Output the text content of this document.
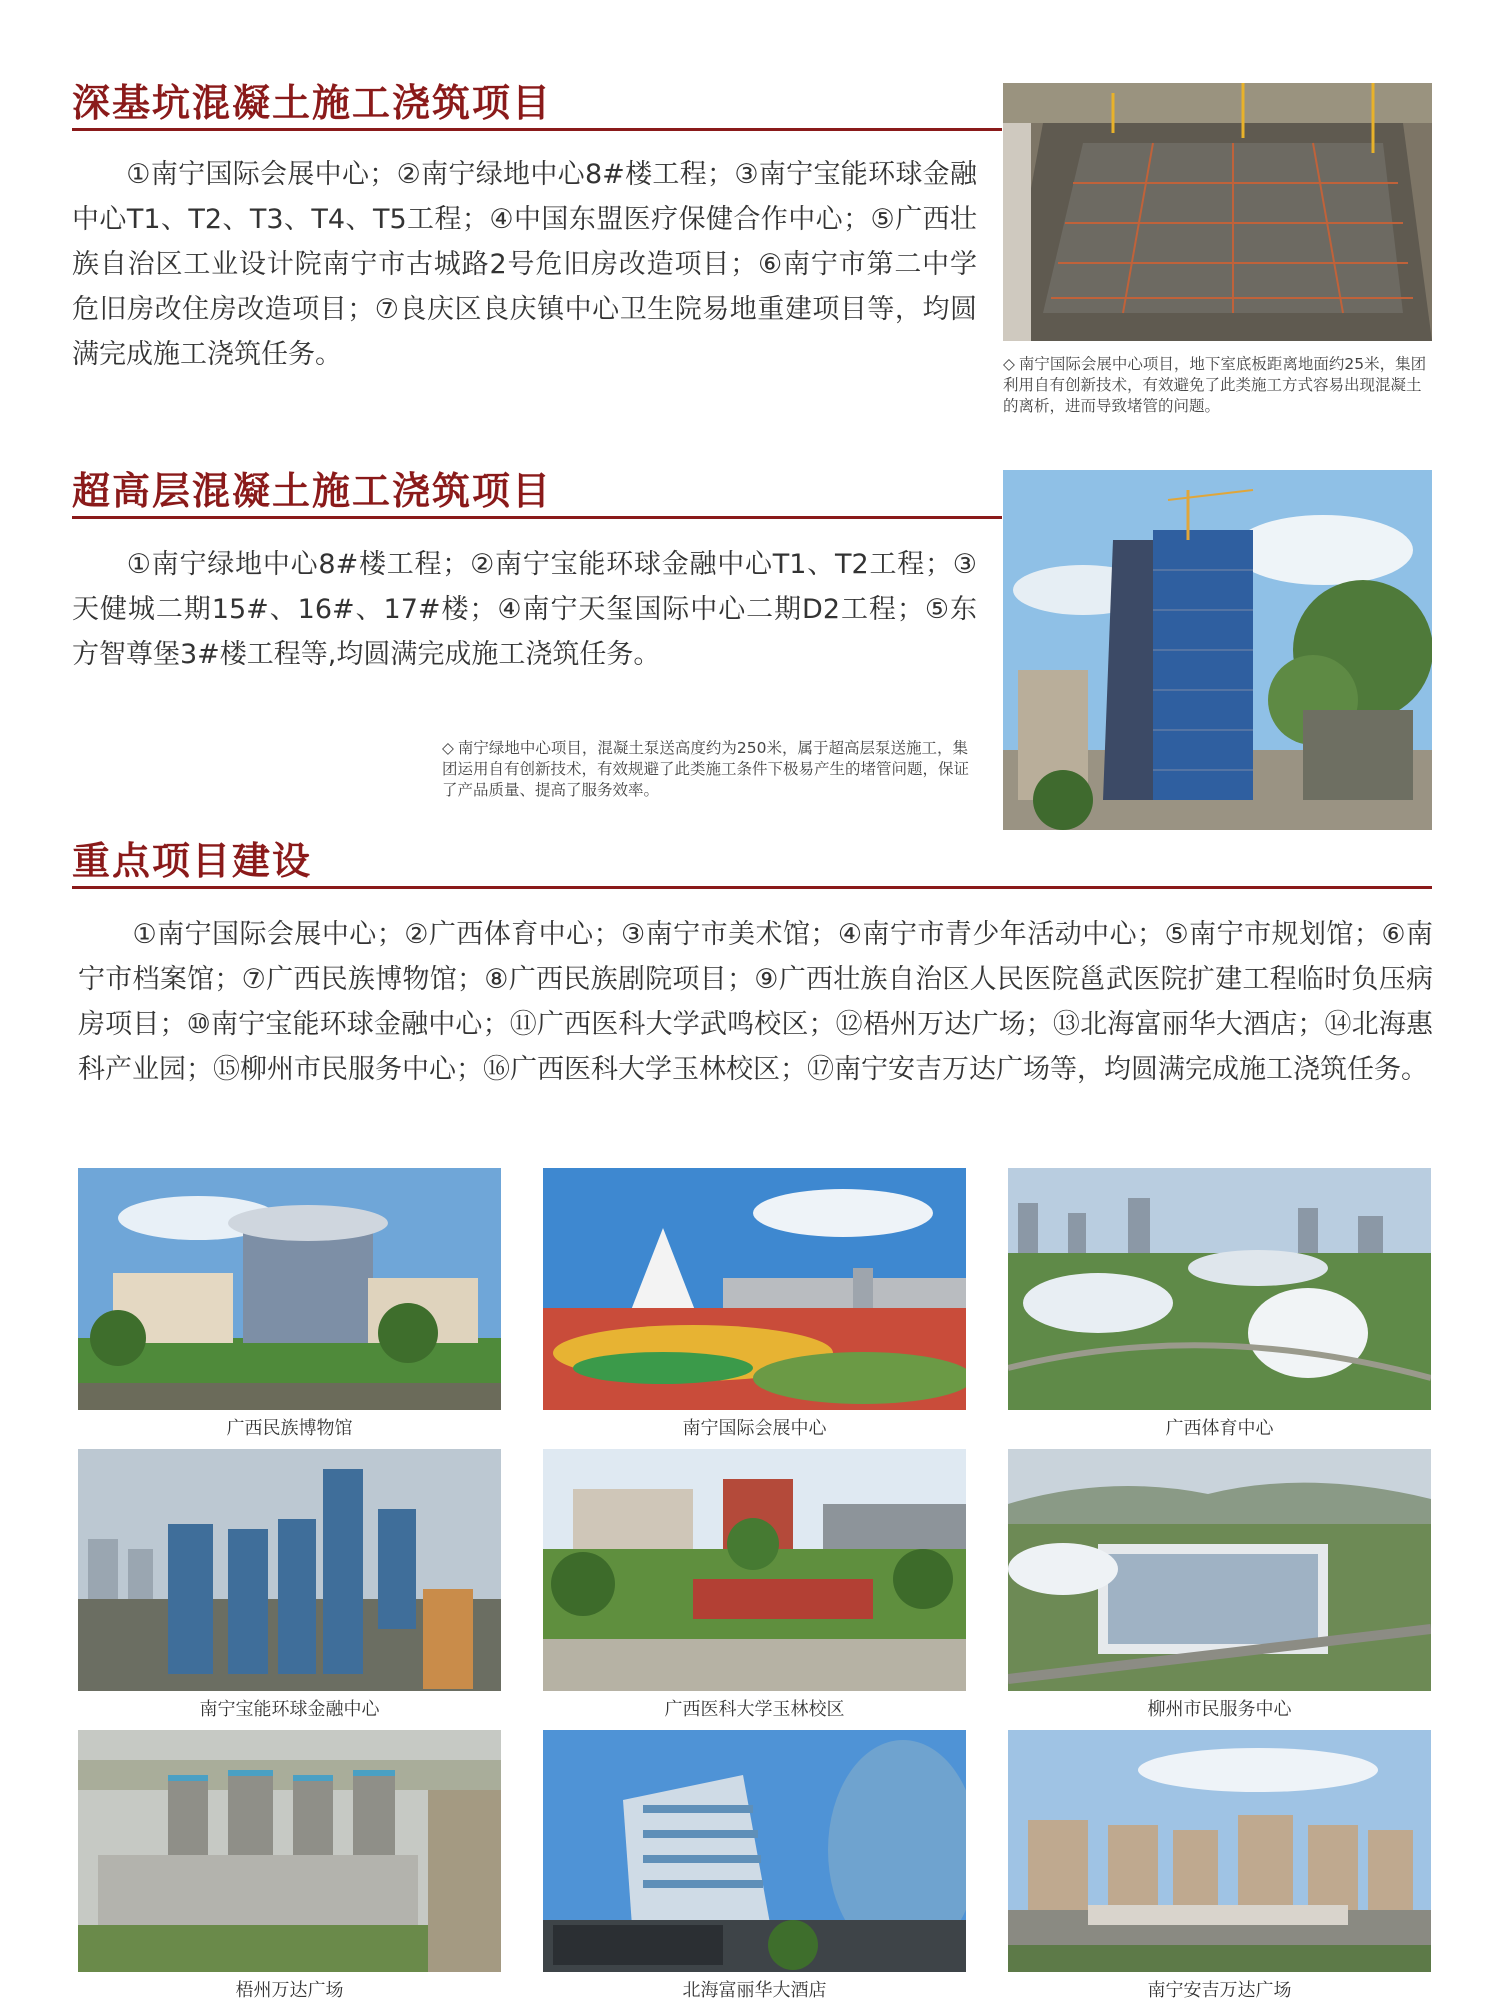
深基坑混凝土施工浇筑项目
①南宁国际会展中心；②南宁绿地中心8#楼工程；③南宁宝能环球金融中心T1、T2、T3、T4、T5工程；④中国东盟医疗保健合作中心；⑤广西壮族自治区工业设计院南宁市古城路2号危旧房改造项目；⑥南宁市第二中学危旧房改住房改造项目；⑦良庆区良庆镇中心卫生院易地重建项目等，均圆满完成施工浇筑任务。	◇ 南宁国际会展中心项目，地下室底板距离地面约25米，集团利用自有创新技术，有效避免了此类施工方式容易出现混凝土的离析，进而导致堵管的问题。
超高层混凝土施工浇筑项目
①南宁绿地中心8#楼工程；②南宁宝能环球金融中心T1、T2工程；③天健城二期15#、16#、17#楼；④南宁天玺国际中心二期D2工程；⑤东方智尊堡3#楼工程等,均圆满完成施工浇筑任务。
◇ 南宁绿地中心项目，混凝土泵送高度约为250米，属于超高层泵送施工，集团运用自有创新技术，有效规避了此类施工条件下极易产生的堵管问题，保证了产品质量、提高了服务效率。
重点项目建设
①南宁国际会展中心；②广西体育中心；③南宁市美术馆；④南宁市青少年活动中心；⑤南宁市规划馆；⑥南宁市档案馆；⑦广西民族博物馆；⑧广西民族剧院项目；⑨广西壮族自治区人民医院邕武医院扩建工程临时负压病房项目；⑩南宁宝能环球金融中心；⑪广西医科大学武鸣校区；⑫梧州万达广场；⑬北海富丽华大酒店；⑭北海惠科产业园；⑮柳州市民服务中心；⑯广西医科大学玉林校区；⑰南宁安吉万达广场等，均圆满完成施工浇筑任务。
广西民族博物馆	南宁国际会展中心	广西体育中心
南宁宝能环球金融中心	广西医科大学玉林校区	柳州市民服务中心
梧州万达广场	北海富丽华大酒店	南宁安吉万达广场
